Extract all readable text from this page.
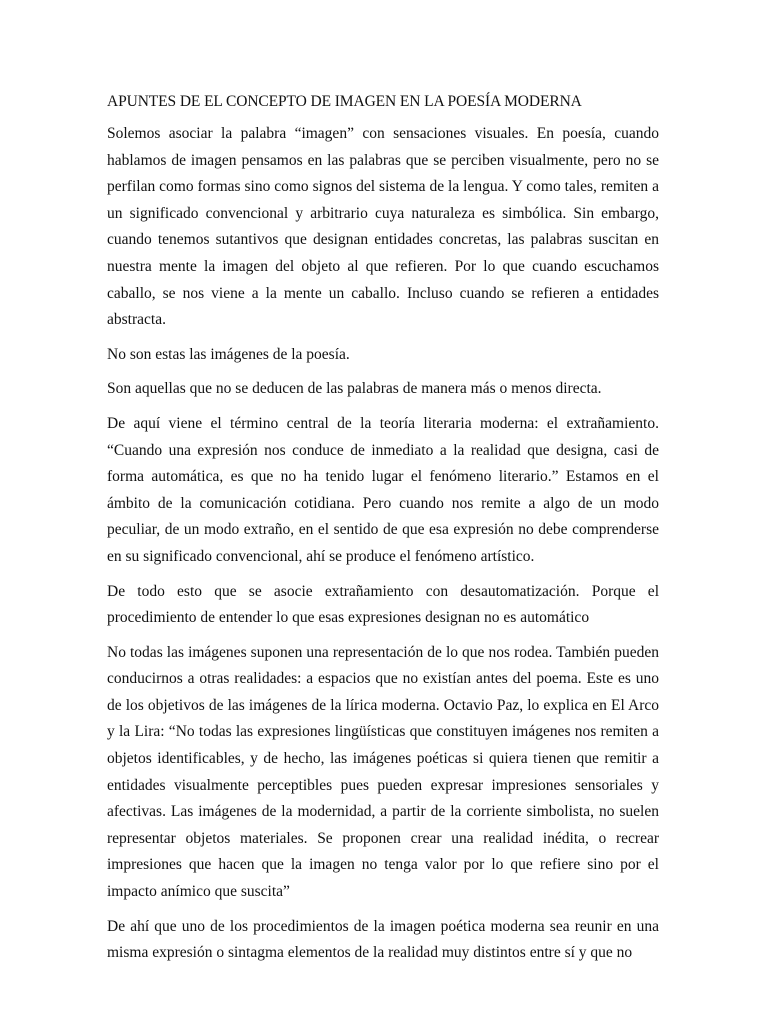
APUNTES DE EL CONCEPTO DE IMAGEN EN LA POESÍA MODERNA

Solemos asociar la palabra “imagen” con sensaciones visuales. En poesía, cuando hablamos de imagen pensamos en las palabras que se perciben visualmente, pero no se perfilan como formas sino como signos del sistema de la lengua. Y como tales, remiten a un significado convencional y arbitrario cuya naturaleza es simbólica. Sin embargo, cuando tenemos sutantivos que designan entidades concretas, las palabras suscitan en nuestra mente la imagen del objeto al que refieren. Por lo que cuando escuchamos caballo, se nos viene a la mente un caballo. Incluso cuando se refieren a entidades abstracta.

No son estas las imágenes de la poesía.

Son aquellas que no se deducen de las palabras de manera más o menos directa.

De aquí viene el término central de la teoría literaria moderna: el extrañamiento. “Cuando una expresión nos conduce de inmediato a la realidad que designa, casi de forma automática, es que no ha tenido lugar el fenómeno literario.” Estamos en el ámbito de la comunicación cotidiana. Pero cuando nos remite a algo de un modo peculiar, de un modo extraño, en el sentido de que esa expresión no debe comprenderse en su significado convencional, ahí se produce el fenómeno artístico.

De todo esto que se asocie extrañamiento con desautomatización. Porque el procedimiento de entender lo que esas expresiones designan no es automático

No todas las imágenes suponen una representación de lo que nos rodea. También pueden conducirnos a otras realidades: a espacios que no existían antes del poema. Este es uno de los objetivos de las imágenes de la lírica moderna. Octavio Paz, lo explica en El Arco y la Lira: “No todas las expresiones lingüísticas que constituyen imágenes nos remiten a objetos identificables, y de hecho, las imágenes poéticas si quiera tienen que remitir a entidades visualmente perceptibles pues pueden expresar impresiones sensoriales y afectivas. Las imágenes de la modernidad, a partir de la corriente simbolista, no suelen representar objetos materiales. Se proponen crear una realidad inédita, o recrear impresiones que hacen que la imagen no tenga valor por lo que refiere sino por el impacto anímico que suscita”

De ahí que uno de los procedimientos de la imagen poética moderna sea reunir en una misma expresión o sintagma elementos de la realidad muy distintos entre sí y que no
